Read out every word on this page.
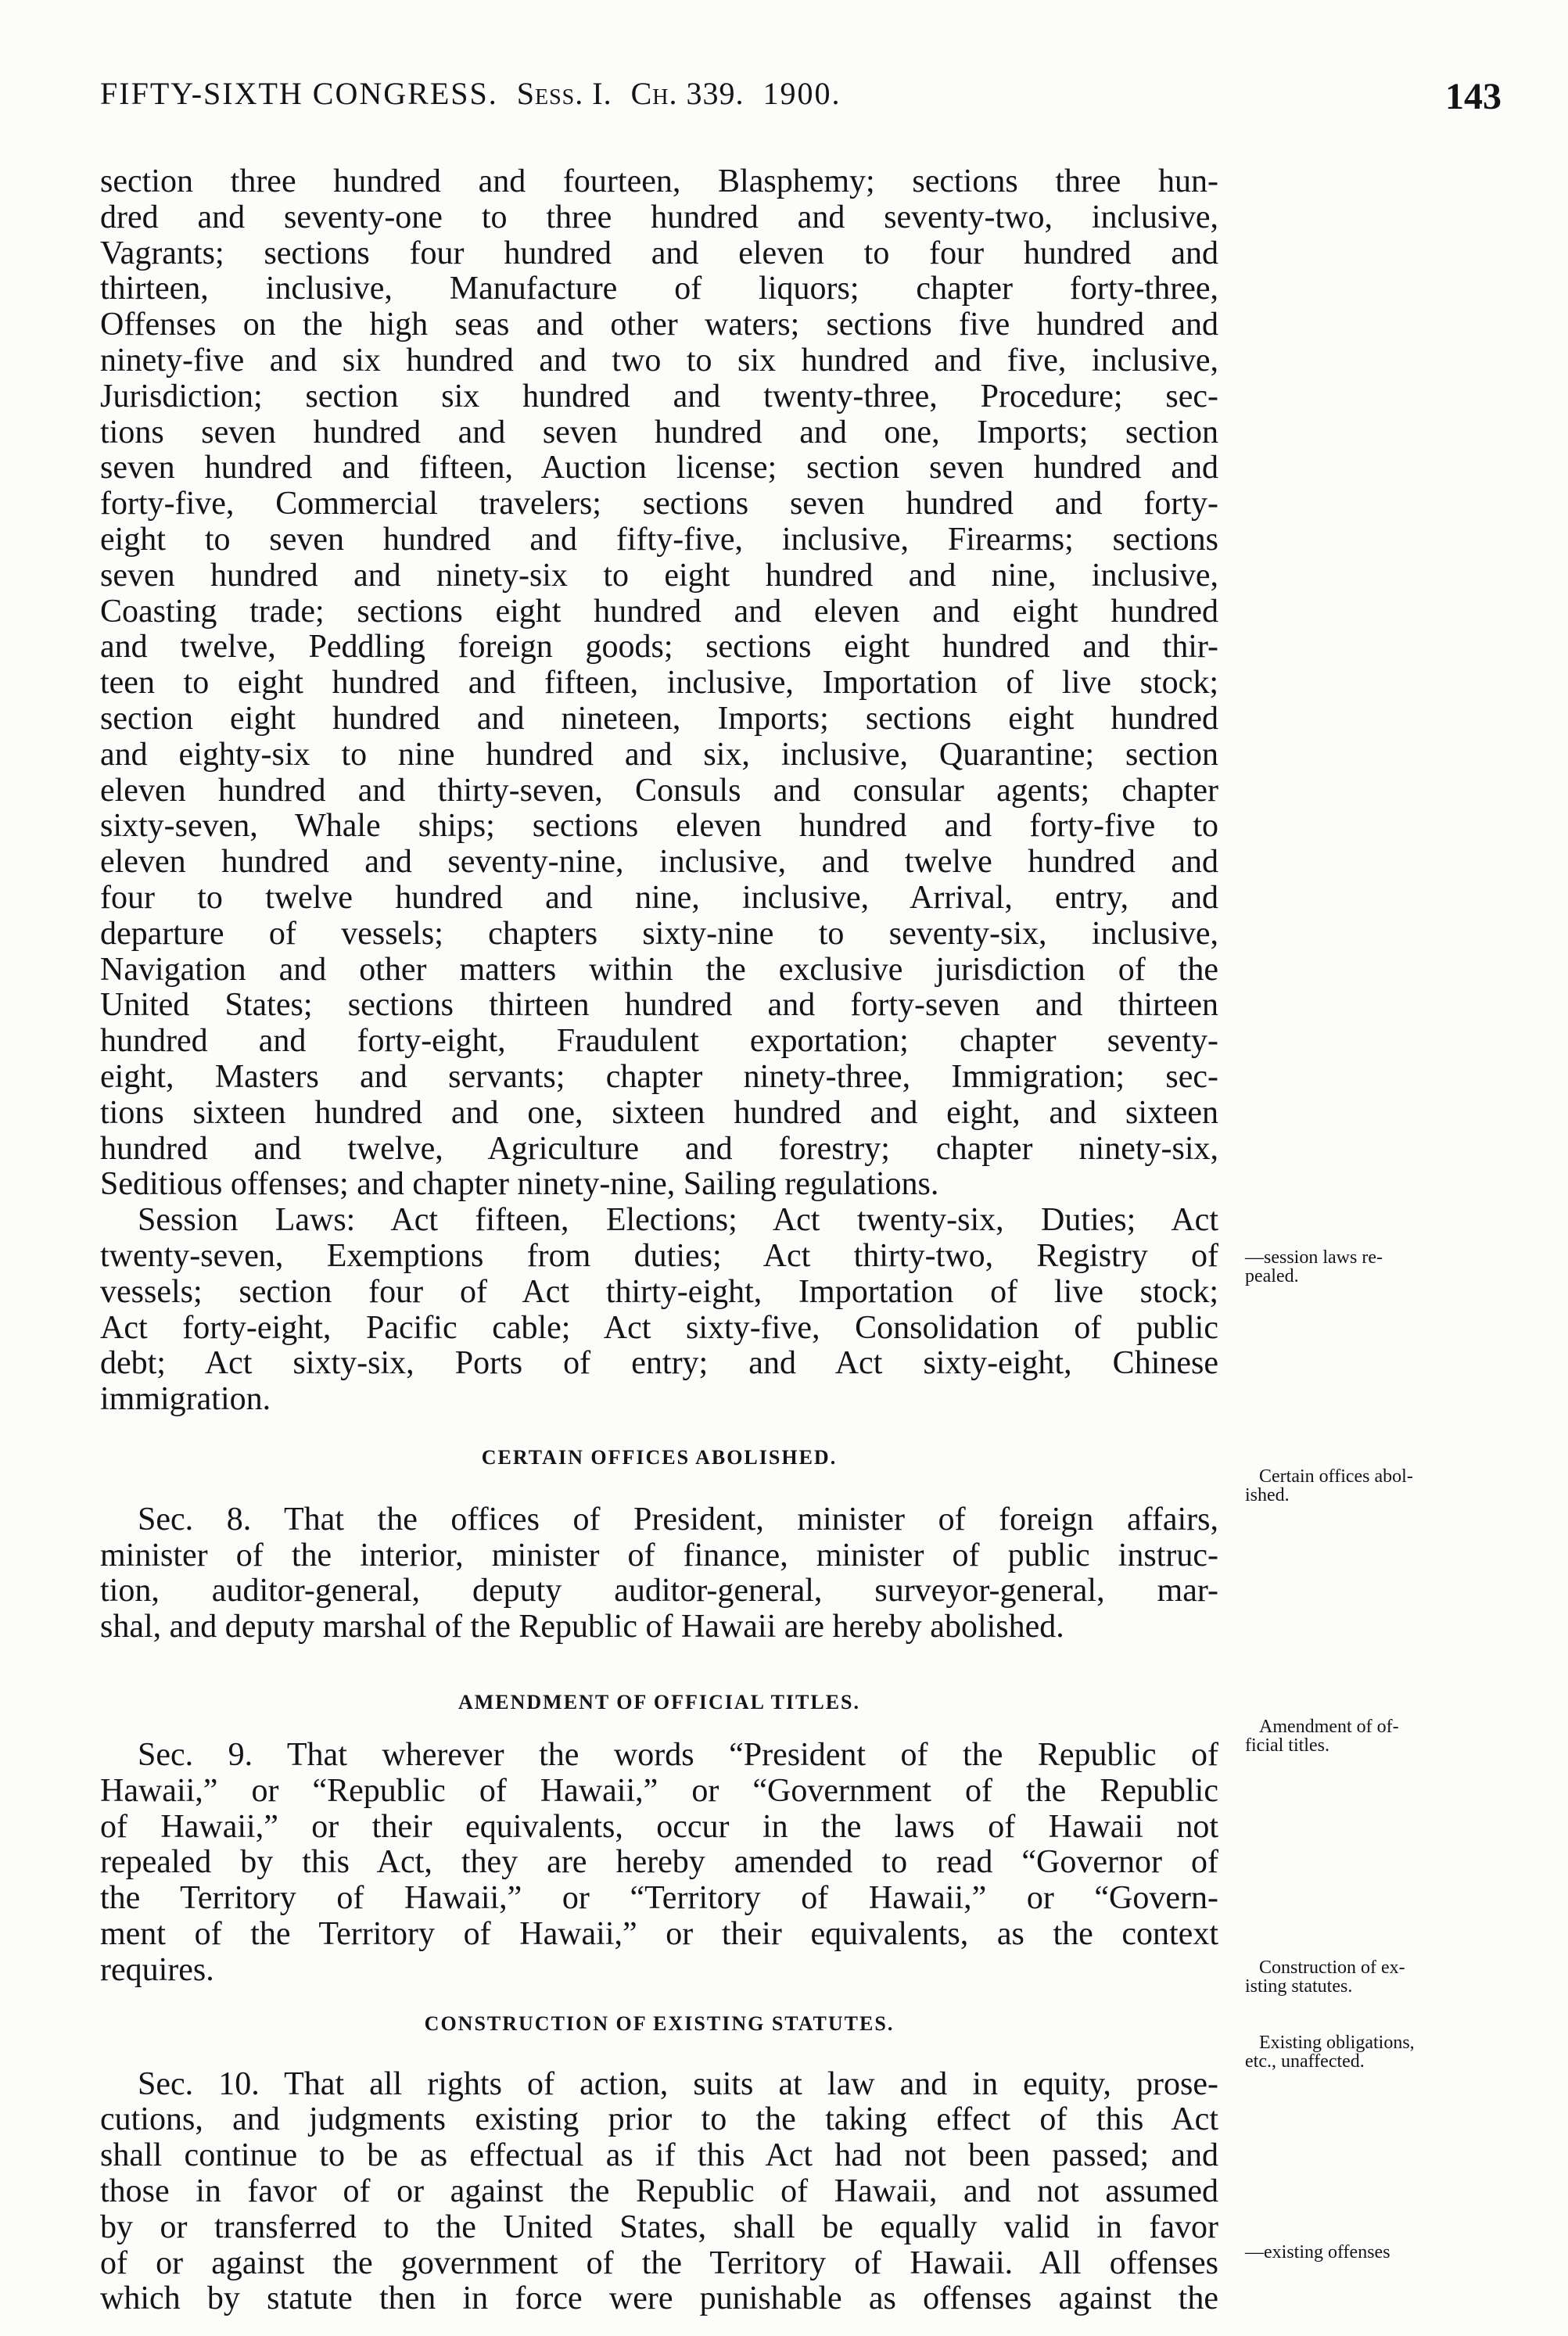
FIFTY-SIXTH CONGRESS. Sess. I. Ch. 339. 1900.	143
section three hundred and fourteen, Blasphemy; sections three hun-
dred and seventy-one to three hundred and seventy-two, inclusive,
Vagrants; sections four hundred and eleven to four hundred and
thirteen, inclusive, Manufacture of liquors; chapter forty-three,
Offenses on the high seas and other waters; sections five hundred and
ninety-five and six hundred and two to six hundred and five, inclusive,
Jurisdiction; section six hundred and twenty-three, Procedure; sec-
tions seven hundred and seven hundred and one, Imports; section
seven hundred and fifteen, Auction license; section seven hundred and
forty-five, Commercial travelers; sections seven hundred and forty-
eight to seven hundred and fifty-five, inclusive, Firearms; sections
seven hundred and ninety-six to eight hundred and nine, inclusive,
Coasting trade; sections eight hundred and eleven and eight hundred
and twelve, Peddling foreign goods; sections eight hundred and thir-
teen to eight hundred and fifteen, inclusive, Importation of live stock;
section eight hundred and nineteen, Imports; sections eight hundred
and eighty-six to nine hundred and six, inclusive, Quarantine; section
eleven hundred and thirty-seven, Consuls and consular agents; chapter
sixty-seven, Whale ships; sections eleven hundred and forty-five to
eleven hundred and seventy-nine, inclusive, and twelve hundred and
four to twelve hundred and nine, inclusive, Arrival, entry, and
departure of vessels; chapters sixty-nine to seventy-six, inclusive,
Navigation and other matters within the exclusive jurisdiction of the
United States; sections thirteen hundred and forty-seven and thirteen
hundred and forty-eight, Fraudulent exportation; chapter seventy-
eight, Masters and servants; chapter ninety-three, Immigration; sec-
tions sixteen hundred and one, sixteen hundred and eight, and sixteen
hundred and twelve, Agriculture and forestry; chapter ninety-six,
Seditious offenses; and chapter ninety-nine, Sailing regulations.
Session Laws: Act fifteen, Elections; Act twenty-six, Duties; Act
twenty-seven, Exemptions from duties; Act thirty-two, Registry of
vessels; section four of Act thirty-eight, Importation of live stock;
Act forty-eight, Pacific cable; Act sixty-five, Consolidation of public
debt; Act sixty-six, Ports of entry; and Act sixty-eight, Chinese
immigration.
CERTAIN OFFICES ABOLISHED.
Sec. 8. That the offices of President, minister of foreign affairs,
minister of the interior, minister of finance, minister of public instruc-
tion, auditor-general, deputy auditor-general, surveyor-general, mar-
shal, and deputy marshal of the Republic of Hawaii are hereby abolished.
AMENDMENT OF OFFICIAL TITLES.
Sec. 9. That wherever the words “President of the Republic of
Hawaii,” or “Republic of Hawaii,” or “Government of the Republic
of Hawaii,” or their equivalents, occur in the laws of Hawaii not
repealed by this Act, they are hereby amended to read “Governor of
the Territory of Hawaii,” or “Territory of Hawaii,” or “Govern-
ment of the Territory of Hawaii,” or their equivalents, as the context
requires.
CONSTRUCTION OF EXISTING STATUTES.
Sec. 10. That all rights of action, suits at law and in equity, prose-
cutions, and judgments existing prior to the taking effect of this Act
shall continue to be as effectual as if this Act had not been passed; and
those in favor of or against the Republic of Hawaii, and not assumed
by or transferred to the United States, shall be equally valid in favor
of or against the government of the Territory of Hawaii. All offenses
which by statute then in force were punishable as offenses against the
—session laws re-
pealed.
Certain offices abol-
ished.
Amendment of of-
ficial titles.
Construction of ex-
isting statutes.
Existing obligations,
etc., unaffected.
—existing offenses
